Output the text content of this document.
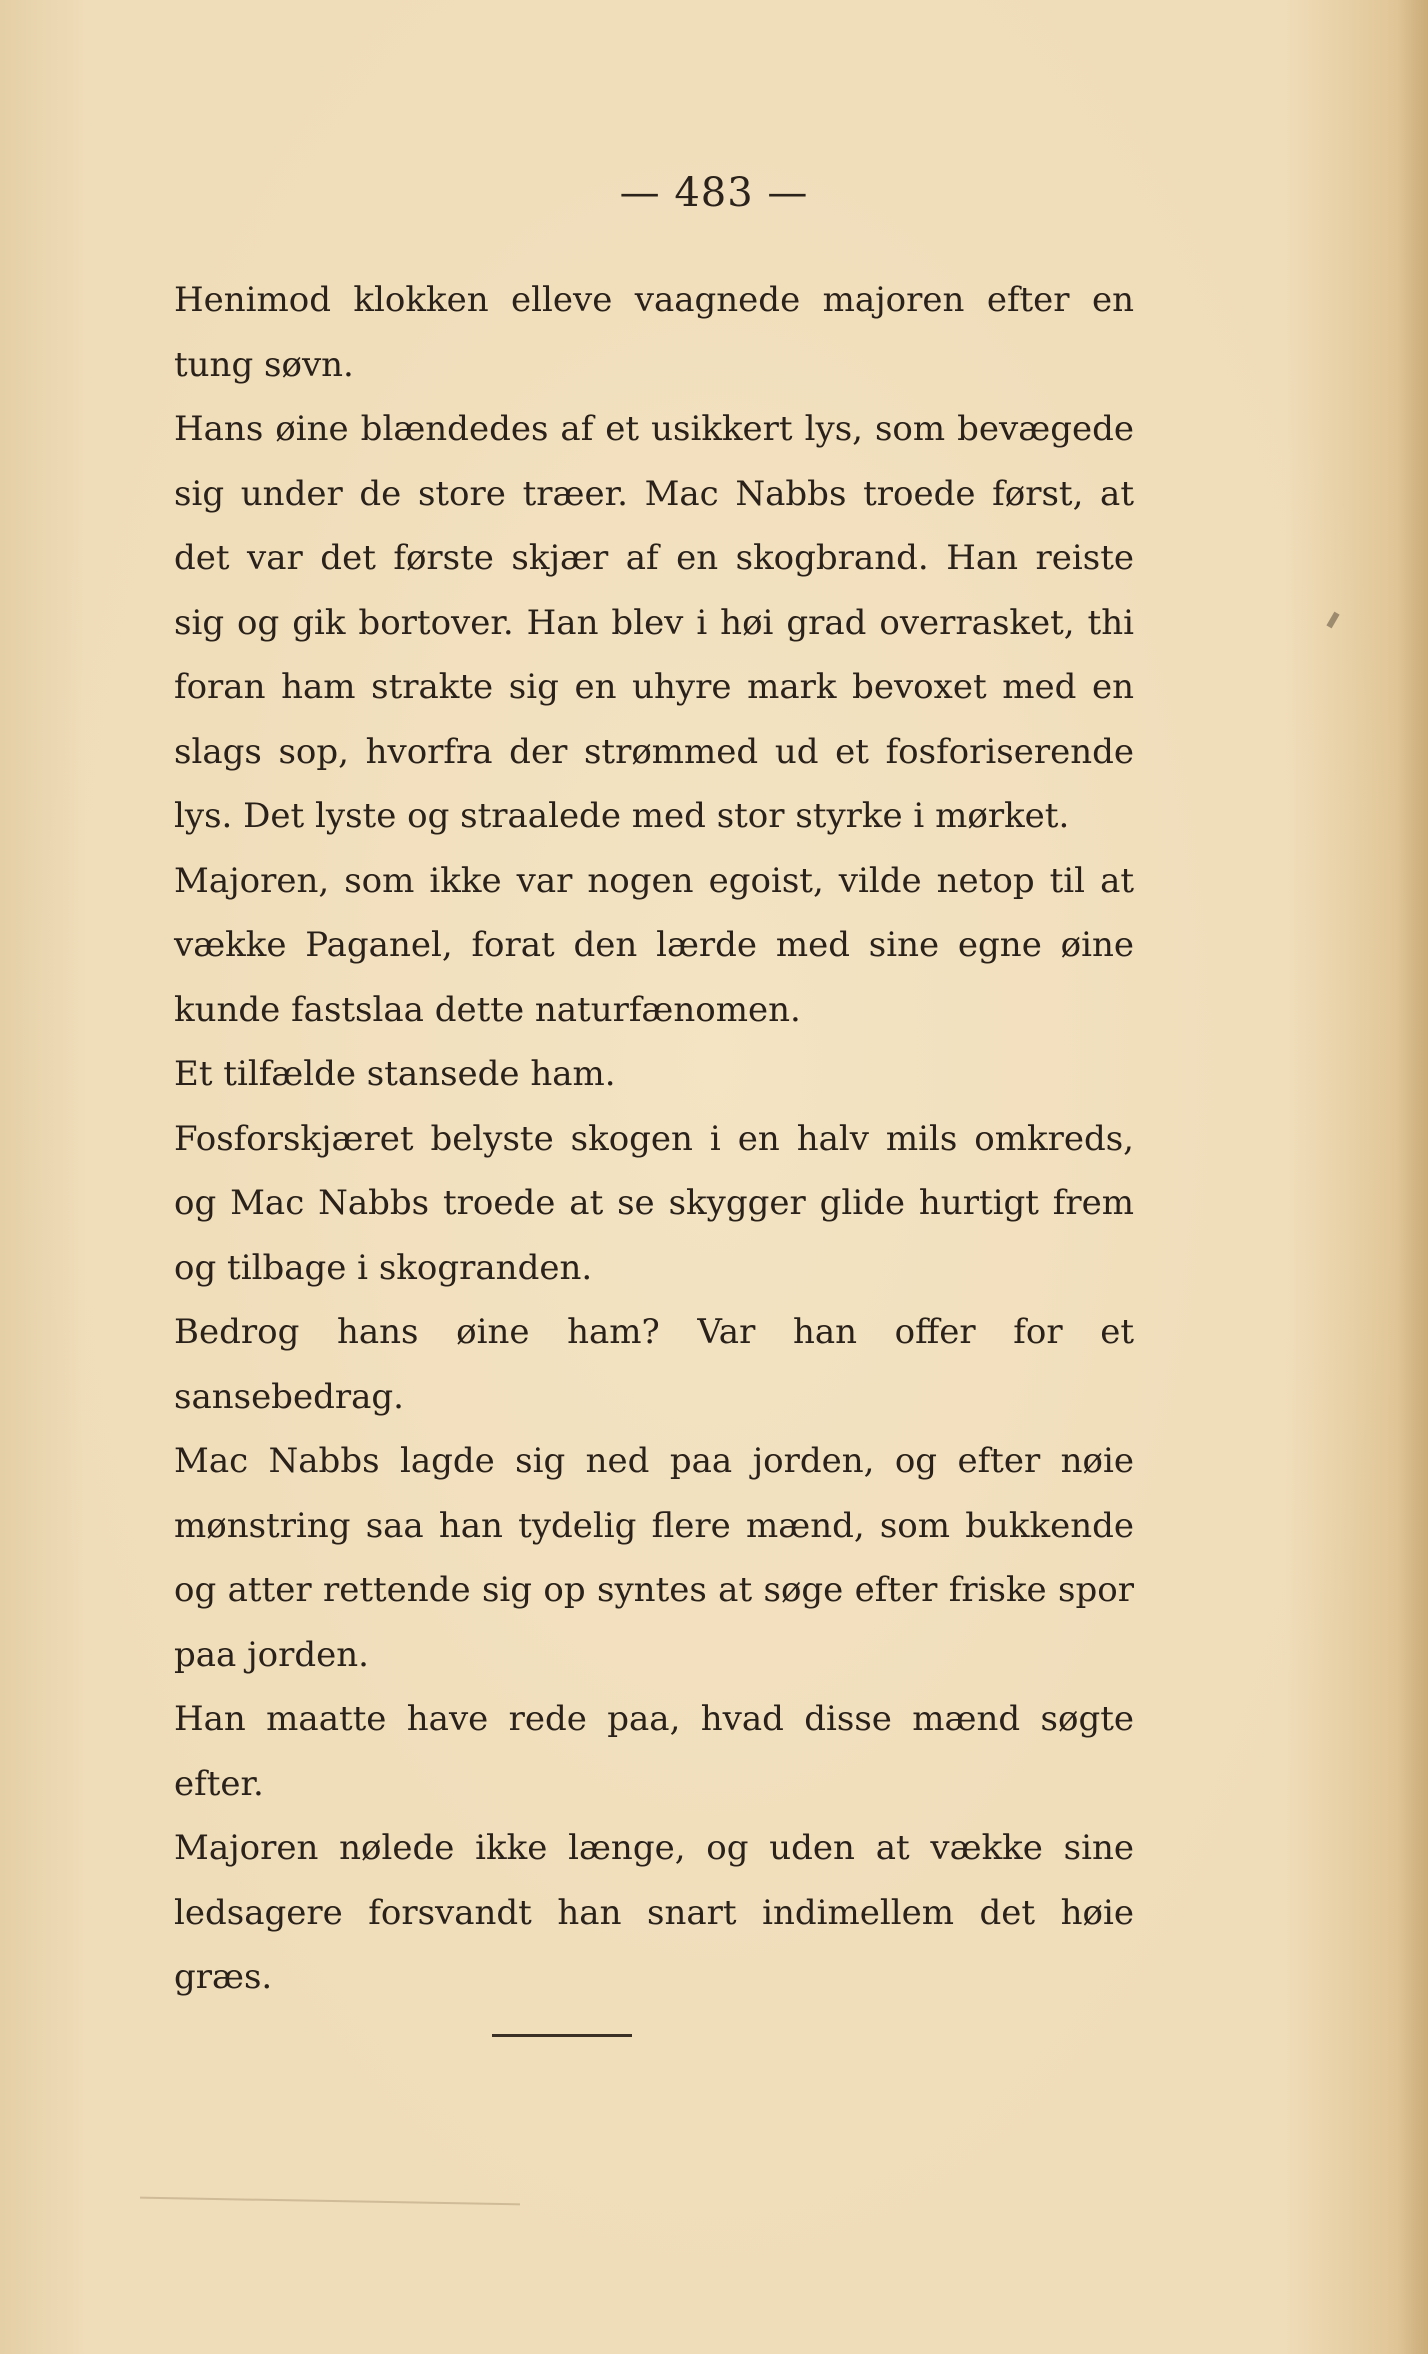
— 483 —

Henimod klokken elleve vaagnede majoren efter en tung søvn.

Hans øine blændedes af et usikkert lys, som bevægede sig under de store træer. Mac Nabbs troede først, at det var det første skjær af en skogbrand. Han reiste sig og gik bortover. Han blev i høi grad overrasket, thi foran ham strakte sig en uhyre mark bevoxet med en slags sop, hvorfra der strømmed ud et fosforiserende lys. Det lyste og straalede med stor styrke i mørket.

Majoren, som ikke var nogen egoist, vilde netop til at vække Paganel, forat den lærde med sine egne øine kunde fastslaa dette naturfænomen.

Et tilfælde stansede ham.

Fosforskjæret belyste skogen i en halv mils omkreds, og Mac Nabbs troede at se skygger glide hurtigt frem og tilbage i skogranden.

Bedrog hans øine ham? Var han offer for et sansebedrag.

Mac Nabbs lagde sig ned paa jorden, og efter nøie mønstring saa han tydelig flere mænd, som bukkende og atter rettende sig op syntes at søge efter friske spor paa jorden.

Han maatte have rede paa, hvad disse mænd søgte efter.

Majoren nølede ikke længe, og uden at vække sine ledsagere forsvandt han snart indimellem det høie græs.
